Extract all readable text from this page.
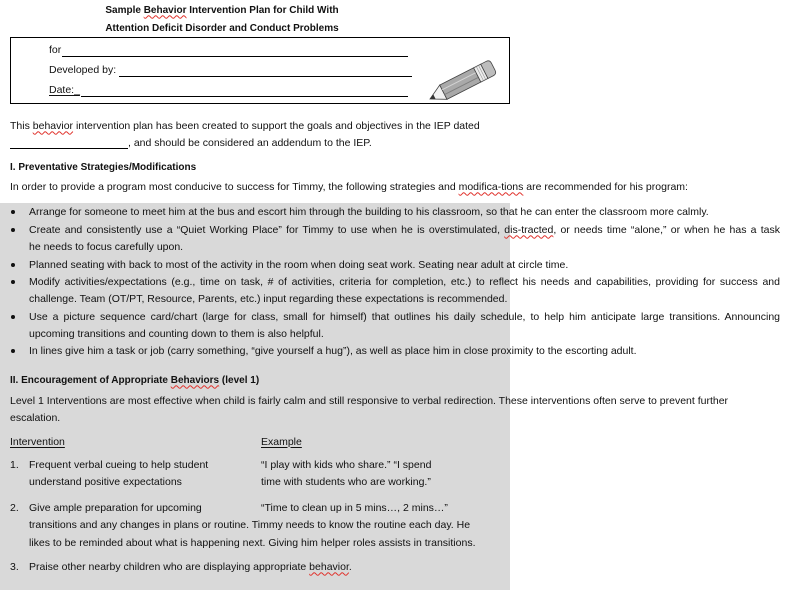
Sample Behavior Intervention Plan for Child With
Attention Deficit Disorder and Conduct Problems
for
Developed by:
Date:_
This behavior intervention plan has been created to support the goals and objectives in the IEP dated
, and should be considered an addendum to the IEP.
I. Preventative Strategies/Modifications
In order to provide a program most conducive to success for Timmy, the following strategies and modifica-tions are recommended for his program:
Arrange for someone to meet him at the bus and escort him through the building to his classroom, so that he can enter the classroom more calmly.
Create and consistently use a “Quiet Working Place” for Timmy to use when he is overstimulated, dis-tracted, or needs time “alone,” or when he has a task
he needs to focus carefully upon.
Planned seating with back to most of the activity in the room when doing seat work. Seating near adult at circle time.
Modify activities/expectations (e.g., time on task, # of activities, criteria for completion, etc.) to reflect his needs and capabilities, providing for success and
challenge. Team (OT/PT, Resource, Parents, etc.) input regarding these expectations is recommended.
Use a picture sequence card/chart (large for class, small for himself) that outlines his daily schedule, to help him anticipate large transitions. Announcing
upcoming transitions and counting down to them is also helpful.
In lines give him a task or job (carry something, “give yourself a hug”), as well as place him in close proximity to the escorting adult.
II. Encouragement of Appropriate Behaviors (level 1)
Level 1 Interventions are most effective when child is fairly calm and still responsive to verbal redirection. These interventions often serve to prevent further
escalation.
Intervention	Example
1. Frequent verbal cueing to help student
understand positive expectations
“I play with kids who share.” “I spend
time with students who are working.”
2. Give ample preparation for upcoming	“Time to clean up in 5 mins…, 2 mins…”
transitions and any changes in plans or routine. Timmy needs to know the routine each day. He
likes to be reminded about what is happening next. Giving him helper roles assists in transitions.
3. Praise other nearby children who are displaying appropriate behavior.
